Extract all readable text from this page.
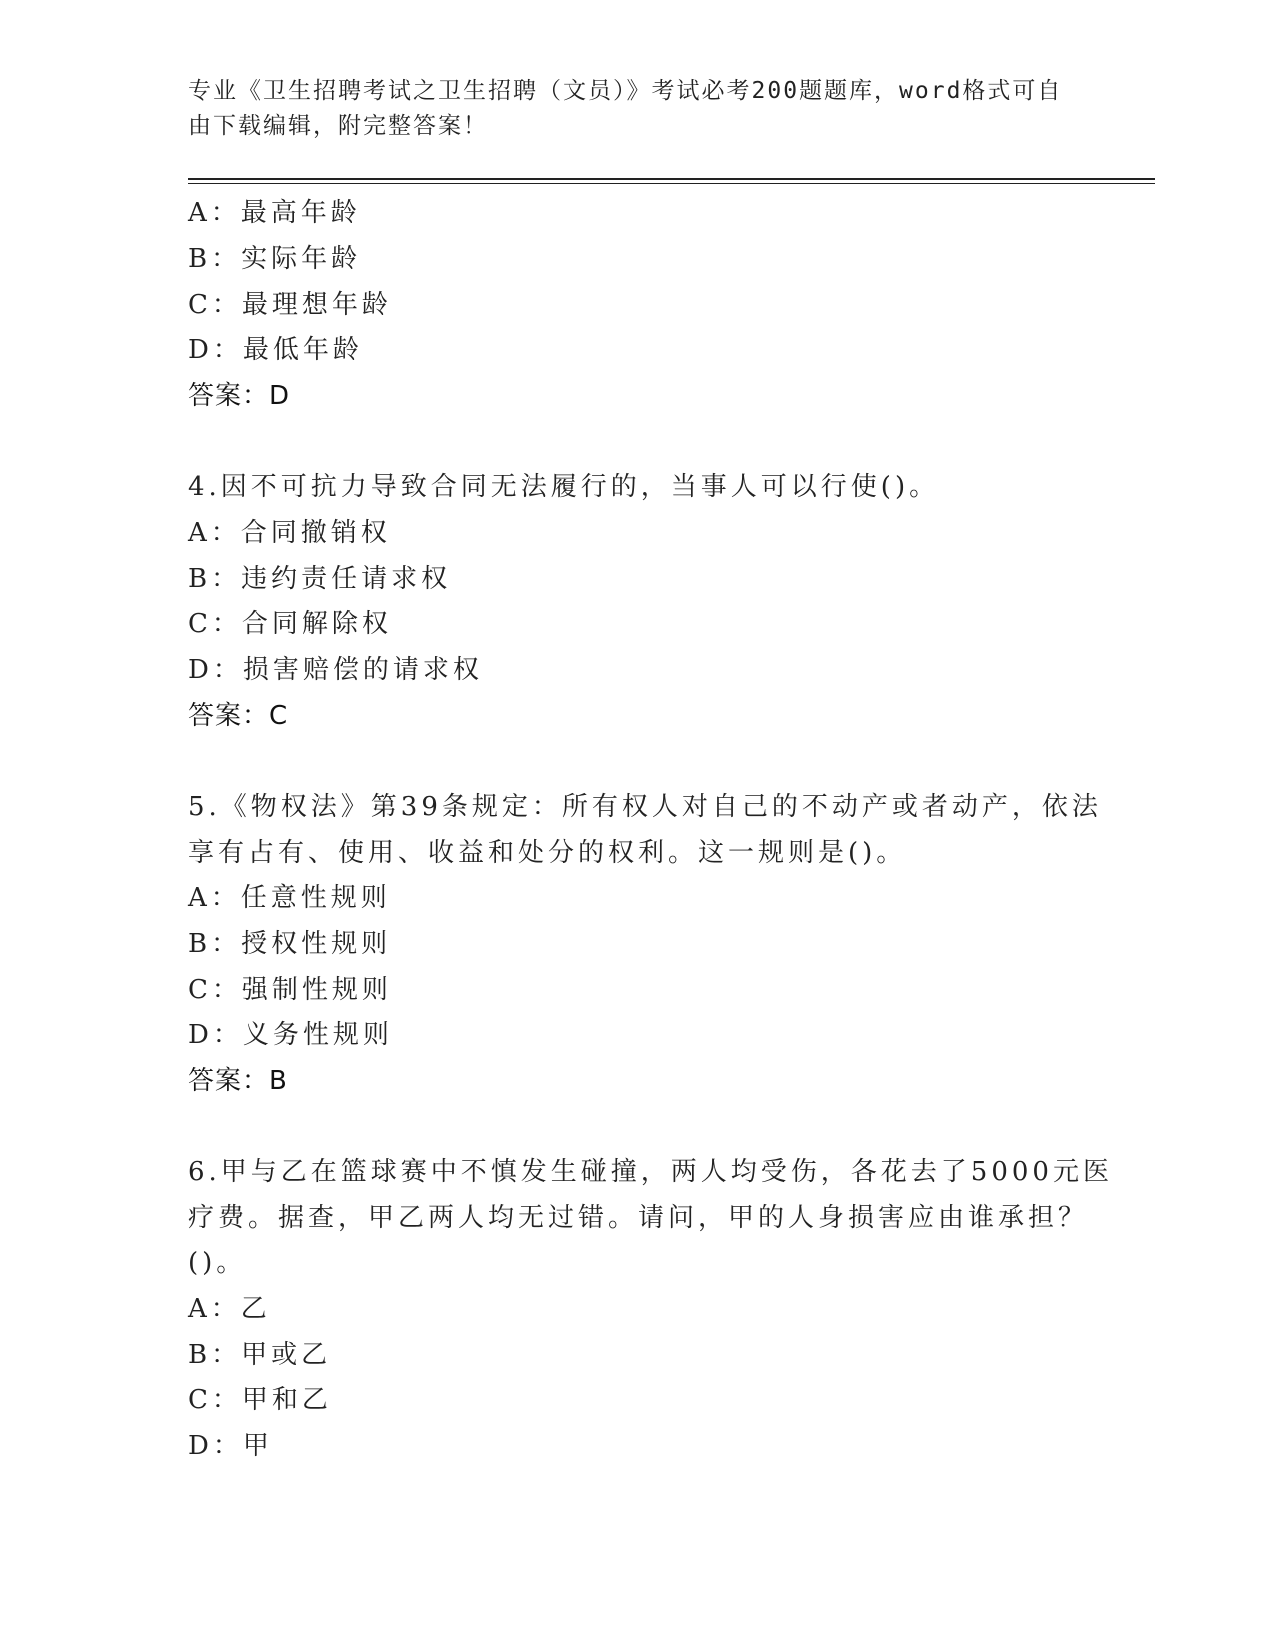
专业《卫生招聘考试之卫生招聘（文员）》考试必考200题题库，word格式可自由下载编辑，附完整答案！
A：最高年龄
B：实际年龄
C：最理想年龄
D：最低年龄
答案：D
4.因不可抗力导致合同无法履行的，当事人可以行使()。
A：合同撤销权
B：违约责任请求权
C：合同解除权
D：损害赔偿的请求权
答案：C
5.《物权法》第39条规定：所有权人对自己的不动产或者动产，依法
享有占有、使用、收益和处分的权利。这一规则是()。
A：任意性规则
B：授权性规则
C：强制性规则
D：义务性规则
答案：B
6.甲与乙在篮球赛中不慎发生碰撞，两人均受伤，各花去了5000元医
疗费。据查，甲乙两人均无过错。请问，甲的人身损害应由谁承担？
()。
A：乙
B：甲或乙
C：甲和乙
D：甲
